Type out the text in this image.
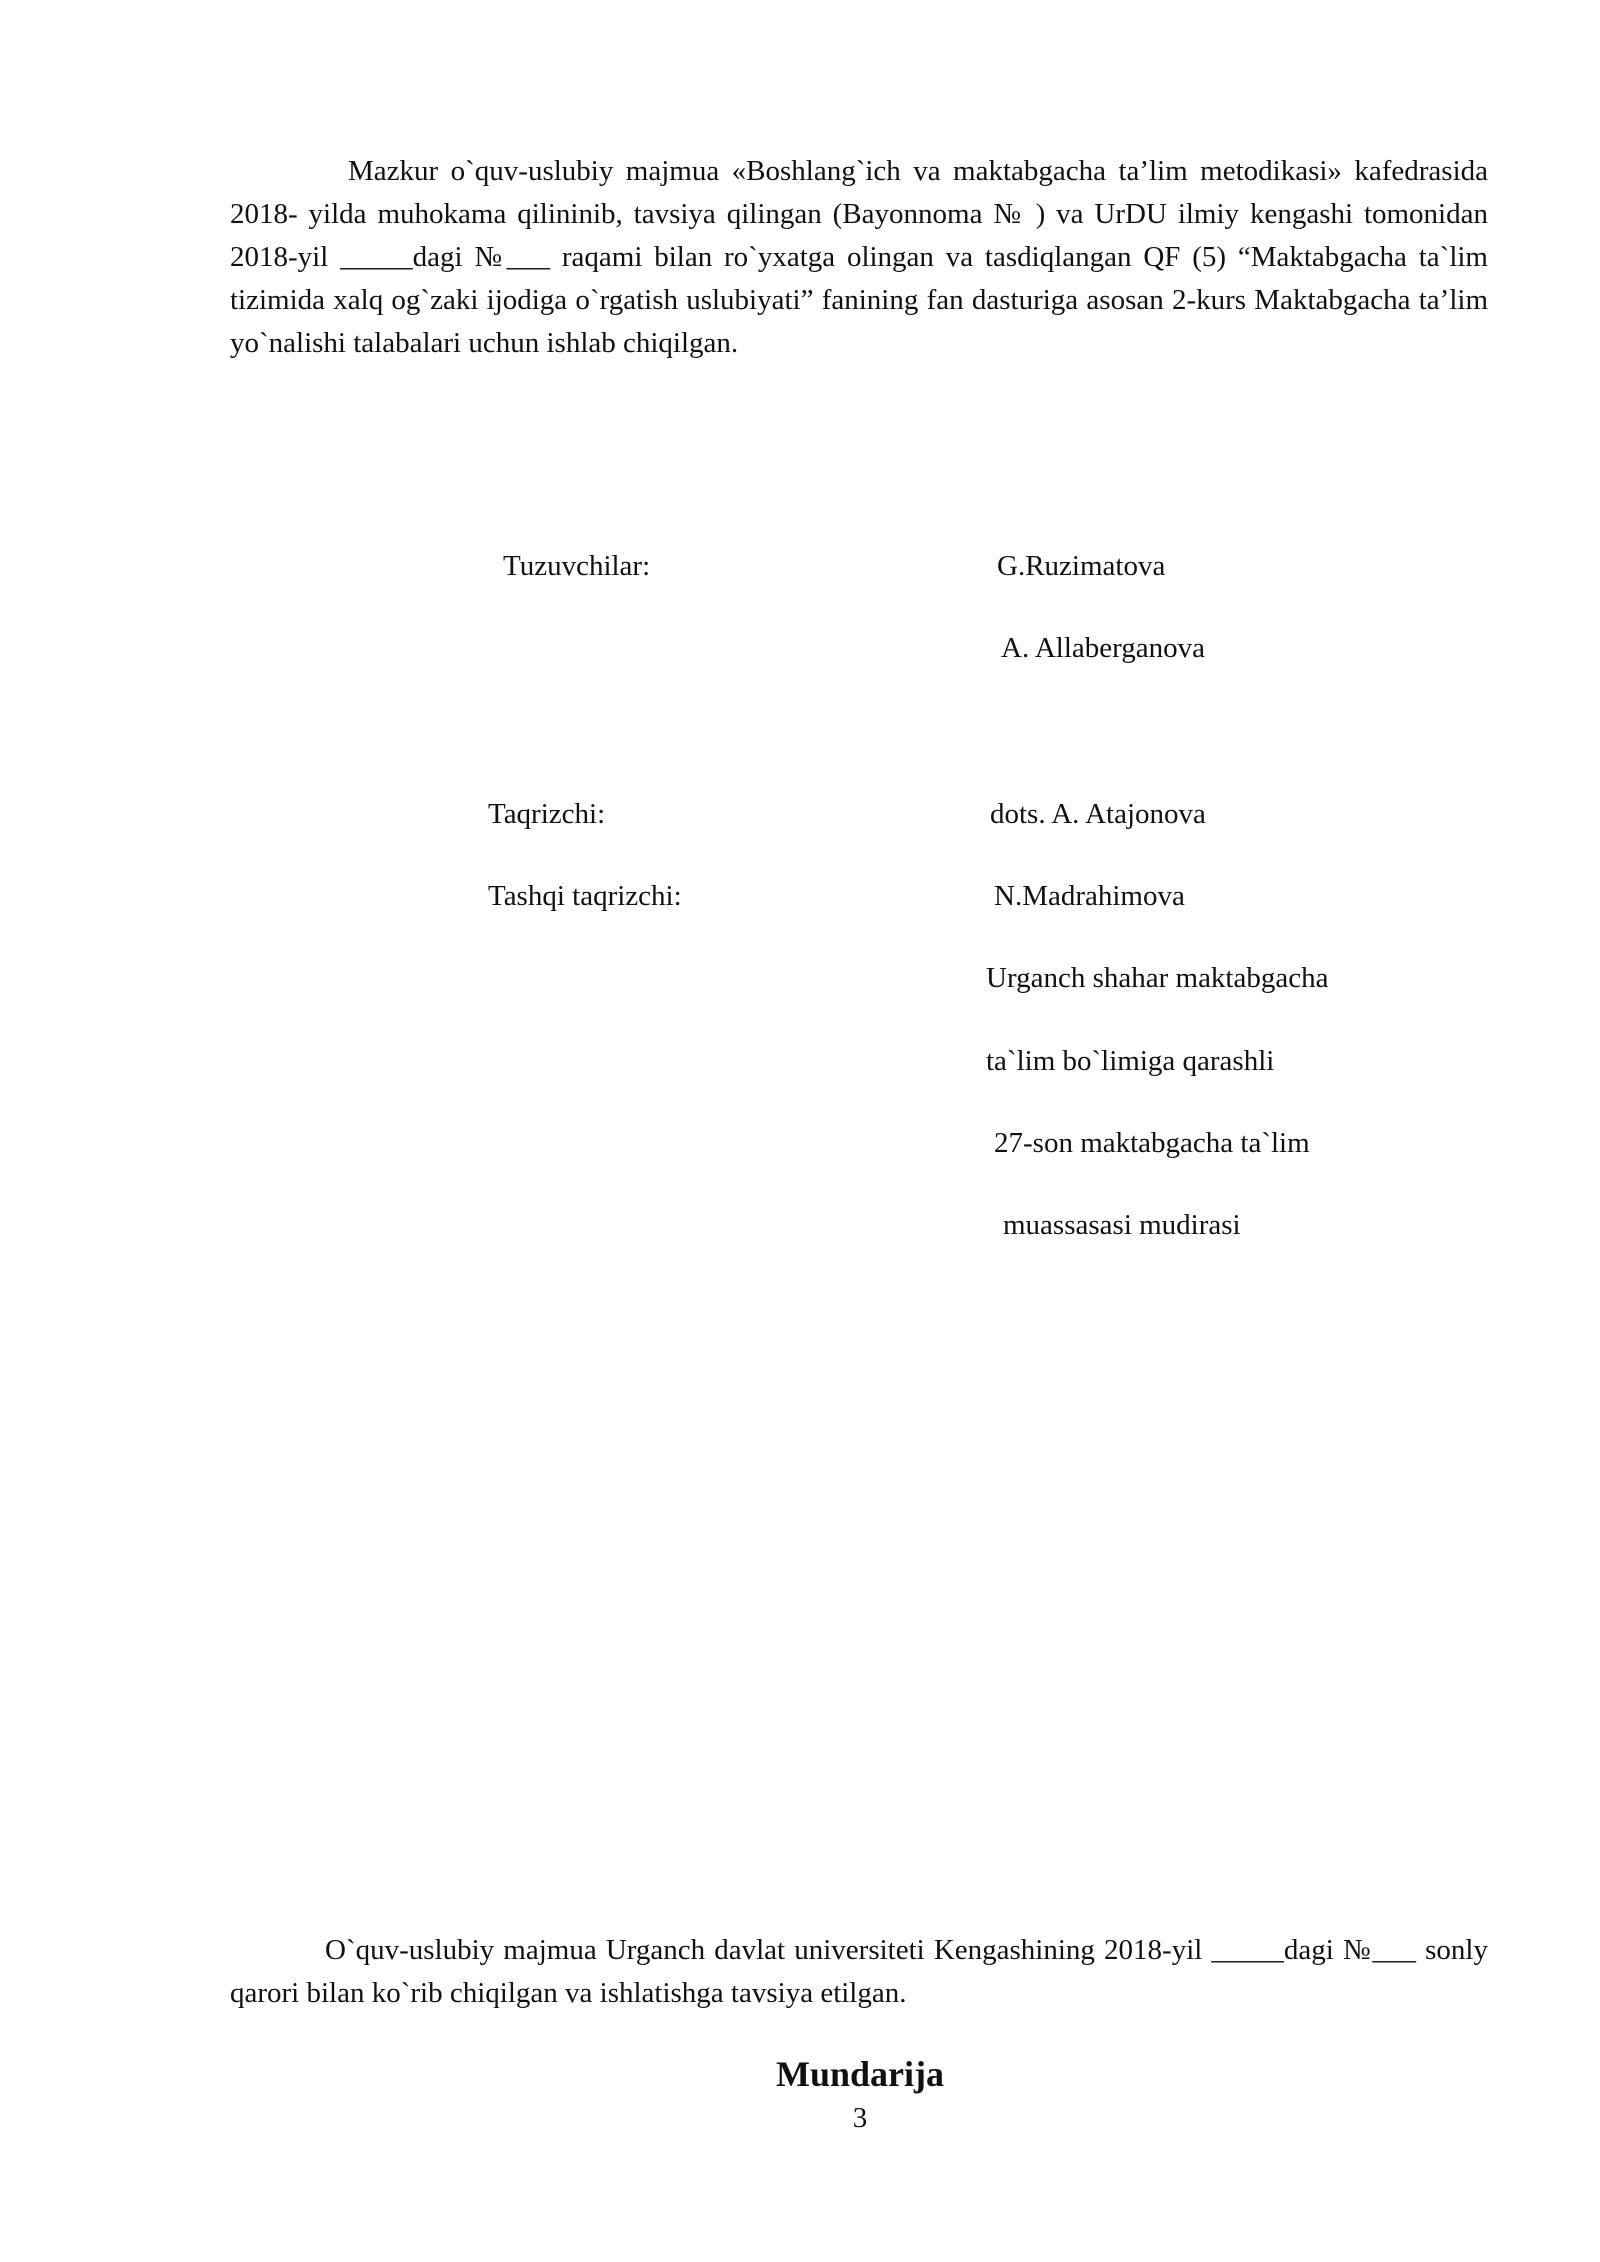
Mazkur o`quv-uslubiy majmua «Boshlang`ich va maktabgacha ta’lim metodikasi» kafedrasida 2018- yilda muhokama qilininib, tavsiya qilingan (Bayonnoma № ) va UrDU ilmiy kengashi tomonidan 2018-yil _____dagi №___ raqami bilan ro`yxatga olingan va tasdiqlangan QF (5) “Maktabgacha ta`lim tizimida xalq og`zaki ijodiga o`rgatish uslubiyati” fanining fan dasturiga asosan 2-kurs Maktabgacha ta’lim yo`nalishi talabalari uchun ishlab chiqilgan.

Tuzuvchilar:	G.Ruzimatova
A. Allaberganova
Taqrizchi:	dots. A. Atajonova
Tashqi taqrizchi:	N.Madrahimova
Urganch shahar maktabgacha
ta`lim bo`limiga qarashli
27-son maktabgacha ta`lim
muassasasi mudirasi

O`quv-uslubiy majmua Urganch davlat universiteti Kengashining 2018-yil _____dagi №___ sonly qarori bilan ko`rib chiqilgan va ishlatishga tavsiya etilgan.

Mundarija
3
